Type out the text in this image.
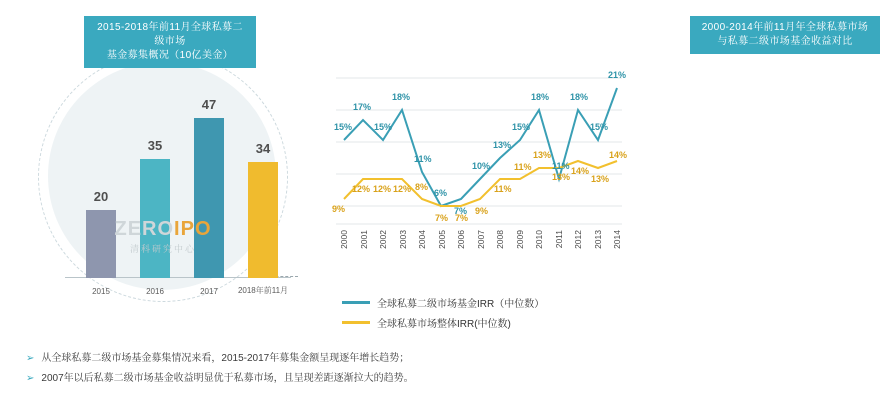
2015-2018年前11月全球私募二级市场
基金募集概况（10亿美金）
20
2015
35
2016
47
2017
34
2018年前11月
ZEROIPO
清科研究中心
2000-2014年前11月年全球私募市场
与私募二级市场基金收益对比
15%
17%
15%
18%
11%
6%
7%
10%
13%
15%
18%
11%
18%
15%
21%
9%
12% 12% 12% 8%
7% 7%
9%
11%
11%
13%
13%
14%
13%
14%
2000 2001 2002 2003 2004 2005 2006 2007 2008 2009 2010 2011 2012 2013 2014
全球私募二级市场基金IRR（中位数）
全球私募市场整体IRR(中位数)
➢ 从全球私募二级市场基金募集情况来看，2015-2017年募集金额呈现逐年增长趋势；
➢ 2007年以后私募二级市场基金收益明显优于私募市场，且呈现差距逐渐拉大的趋势。
